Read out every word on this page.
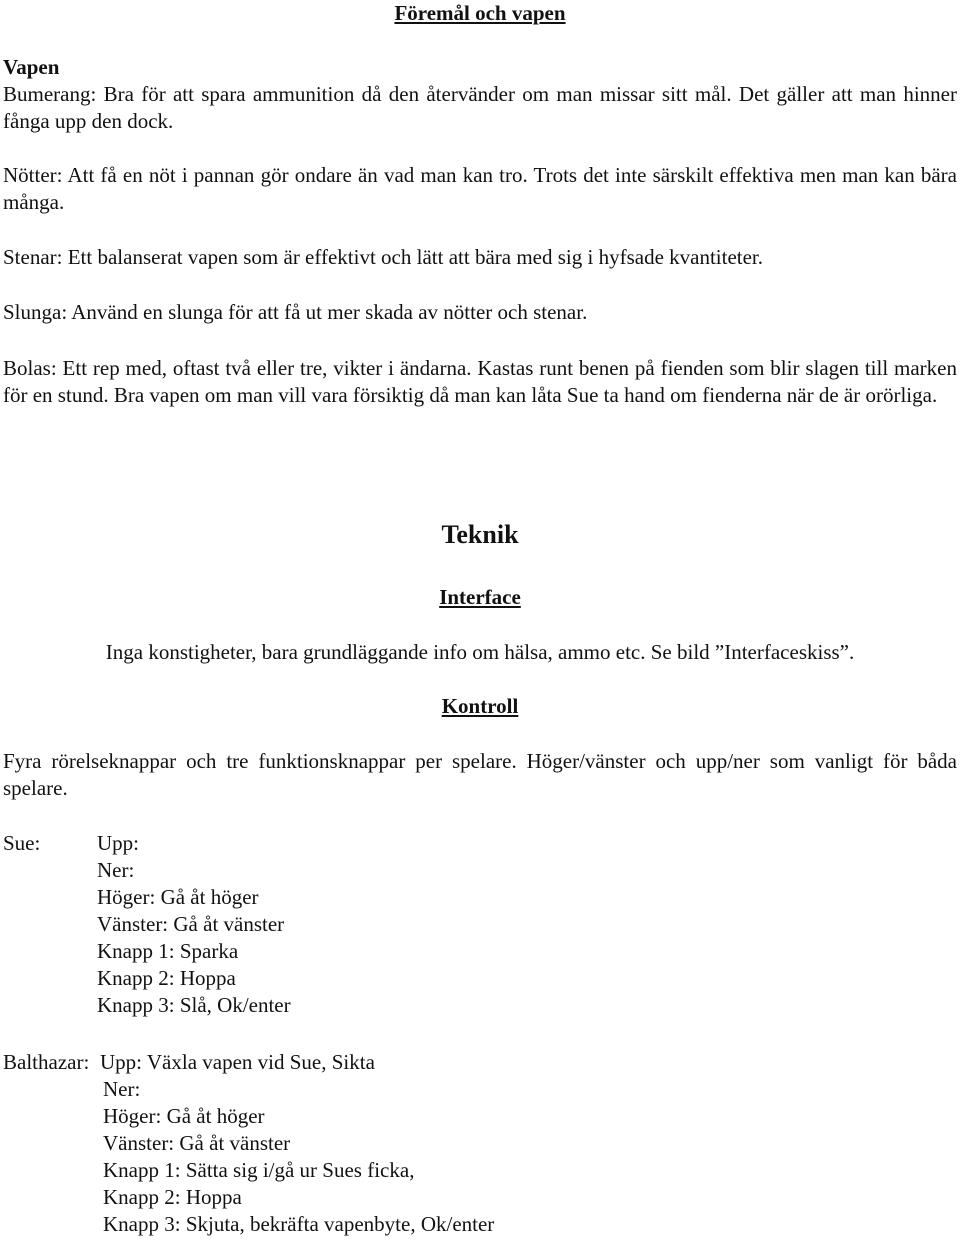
Föremål och vapen

Vapen

Bumerang: Bra för att spara ammunition då den återvänder om man missar sitt mål. Det gäller att man hinner fånga upp den dock.

Nötter: Att få en nöt i pannan gör ondare än vad man kan tro. Trots det inte särskilt effektiva men man kan bära många.
Stenar: Ett balanserat vapen som är effektivt och lätt att bära med sig i hyfsade kvantiteter.
Slunga: Använd en slunga för att få ut mer skada av nötter och stenar.
Bolas: Ett rep med, oftast två eller tre, vikter i ändarna. Kastas runt benen på fienden som blir slagen till marken för en stund. Bra vapen om man vill vara försiktig då man kan låta Sue ta hand om fienderna när de är orörliga.
Teknik
Interface
Inga konstigheter, bara grundläggande info om hälsa, ammo etc. Se bild ”Interfaceskiss”.
Kontroll
Fyra rörelseknappar och tre funktionsknappar per spelare. Höger/vänster och upp/ner som vanligt för båda spelare.
Sue:	Upp:
Ner:
Höger: Gå åt höger
Vänster: Gå åt vänster
Knapp 1: Sparka
Knapp 2: Hoppa
Knapp 3: Slå, Ok/enter
Balthazar: Upp: Växla vapen vid Sue, Sikta
Ner:
Höger: Gå åt höger
Vänster: Gå åt vänster
Knapp 1: Sätta sig i/gå ur Sues ficka,
Knapp 2: Hoppa
Knapp 3: Skjuta, bekräfta vapenbyte, Ok/enter
